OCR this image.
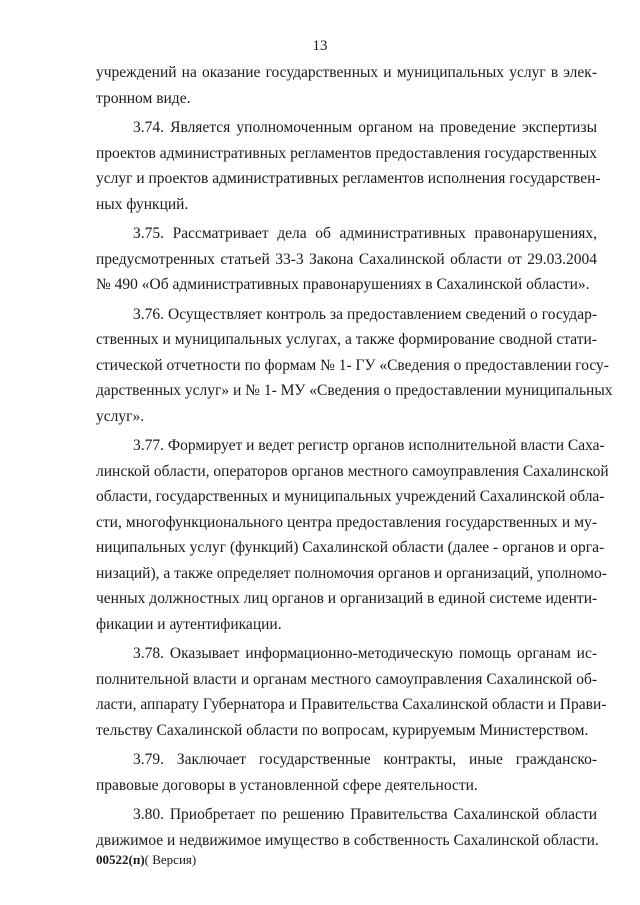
13
учреждений на оказание государственных и муниципальных услуг в элек-
тронном виде.
3.74. Является уполномоченным органом на проведение экспертизы
проектов административных регламентов предоставления государственных
услуг и проектов административных регламентов исполнения государствен-
ных функций.
3.75. Рассматривает дела об административных правонарушениях,
предусмотренных статьей 33-3 Закона Сахалинской области от 29.03.2004
№ 490 «Об административных правонарушениях в Сахалинской области».
3.76. Осуществляет контроль за предоставлением сведений о государ-
ственных и муниципальных услугах, а также формирование сводной стати-
стической отчетности по формам № 1- ГУ «Сведения о предоставлении госу-
дарственных услуг» и № 1- МУ «Сведения о предоставлении муниципальных
услуг».
3.77. Формирует и ведет регистр органов исполнительной власти Саха-
линской области, операторов органов местного самоуправления Сахалинской
области, государственных и муниципальных учреждений Сахалинской обла-
сти, многофункционального центра предоставления государственных и му-
ниципальных услуг (функций) Сахалинской области (далее - органов и орга-
низаций), а также определяет полномочия органов и организаций, уполномо-
ченных должностных лиц органов и организаций в единой системе иденти-
фикации и аутентификации.
3.78. Оказывает информационно-методическую помощь органам ис-
полнительной власти и органам местного самоуправления Сахалинской об-
ласти, аппарату Губернатора и Правительства Сахалинской области и Прави-
тельству Сахалинской области по вопросам, курируемым Министерством.
3.79. Заключает государственные контракты, иные гражданско-
правовые договоры в установленной сфере деятельности.
3.80. Приобретает по решению Правительства Сахалинской области
движимое и недвижимое имущество в собственность Сахалинской области.
00522(п)( Версия)
